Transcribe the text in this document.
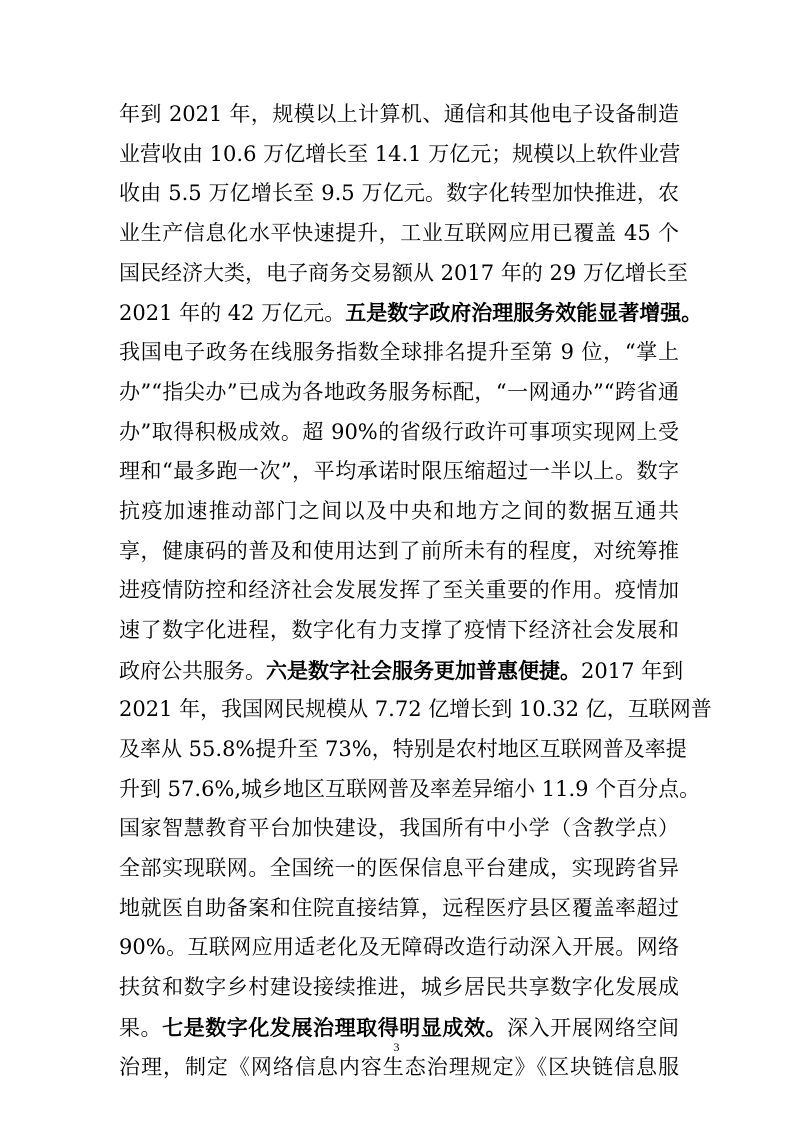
年到 2021 年，规模以上计算机、通信和其他电子设备制造
业营收由 10.6 万亿增长至 14.1 万亿元；规模以上软件业营
收由 5.5 万亿增长至 9.5 万亿元。数字化转型加快推进，农
业生产信息化水平快速提升，工业互联网应用已覆盖 45 个
国民经济大类，电子商务交易额从 2017 年的 29 万亿增长至
2021 年的 42 万亿元。五是数字政府治理服务效能显著增强。
我国电子政务在线服务指数全球排名提升至第 9 位，“掌上
办”“指尖办”已成为各地政务服务标配，“一网通办”“跨省通
办”取得积极成效。超 90%的省级行政许可事项实现网上受
理和“最多跑一次”，平均承诺时限压缩超过一半以上。数字
抗疫加速推动部门之间以及中央和地方之间的数据互通共
享，健康码的普及和使用达到了前所未有的程度，对统筹推
进疫情防控和经济社会发展发挥了至关重要的作用。疫情加
速了数字化进程，数字化有力支撑了疫情下经济社会发展和
政府公共服务。六是数字社会服务更加普惠便捷。2017 年到
2021 年，我国网民规模从 7.72 亿增长到 10.32 亿，互联网普
及率从 55.8%提升至 73%，特别是农村地区互联网普及率提
升到 57.6%,城乡地区互联网普及率差异缩小 11.9 个百分点。
国家智慧教育平台加快建设，我国所有中小学（含教学点）
全部实现联网。全国统一的医保信息平台建成，实现跨省异
地就医自助备案和住院直接结算，远程医疗县区覆盖率超过
90%。互联网应用适老化及无障碍改造行动深入开展。网络
扶贫和数字乡村建设接续推进，城乡居民共享数字化发展成
果。七是数字化发展治理取得明显成效。深入开展网络空间
治理，制定《网络信息内容生态治理规定》《区块链信息服
3
